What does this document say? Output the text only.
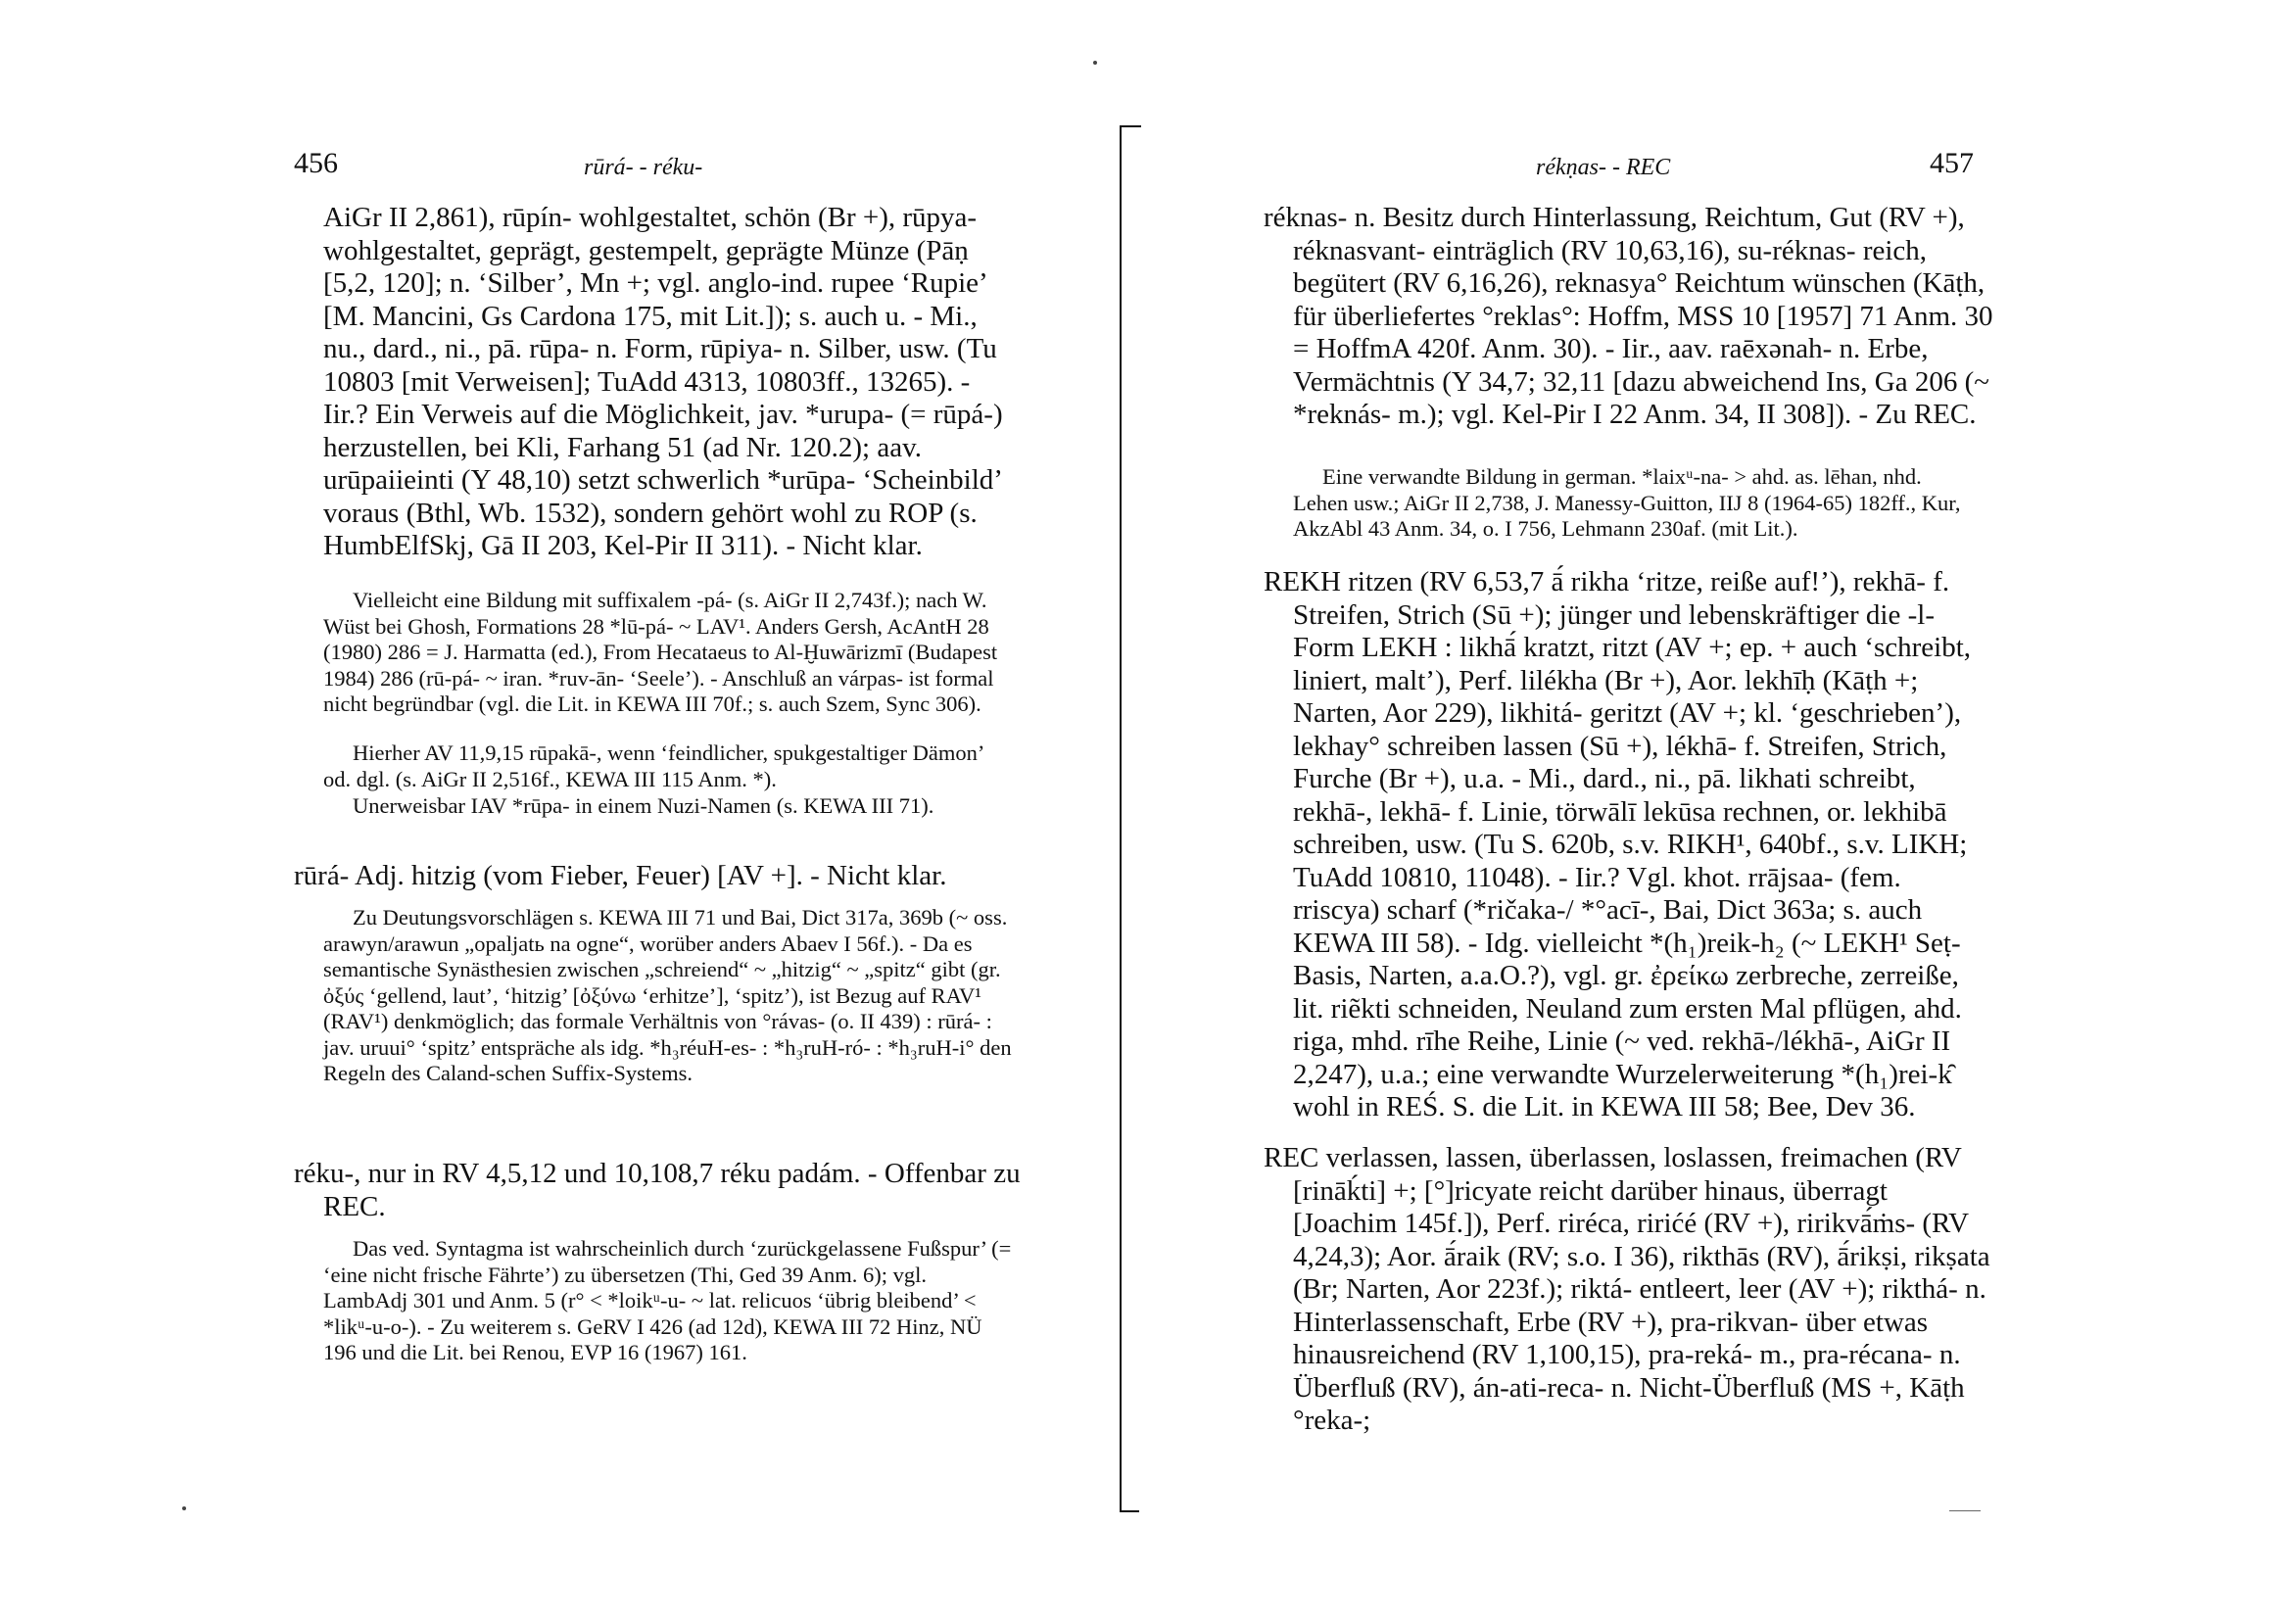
456	rūrá- - réku-
AiGr II 2,861), rūpín- wohlgestaltet, schön (Br +), rūpya- wohlgestaltet, geprägt, gestempelt, geprägte Münze (Pāṇ [5,2, 120]; n. ‘Silber’, Mn +; vgl. anglo-ind. rupee ‘Rupie’ [M. Mancini, Gs Cardona 175, mit Lit.]); s. auch u. - Mi., nu., dard., ni., pā. rūpa- n. Form, rūpiya- n. Silber, usw. (Tu 10803 [mit Verweisen]; TuAdd 4313, 10803ff., 13265). - Iir.? Ein Verweis auf die Möglichkeit, jav. *urupa- (= rūpá-) herzustellen, bei Kli, Farhang 51 (ad Nr. 120.2); aav. urūpaiieinti (Y 48,10) setzt schwerlich *urūpa- ‘Scheinbild’ voraus (Bthl, Wb. 1532), sondern gehört wohl zu ROP (s. HumbElfSkj, Gā II 203, Kel-Pir II 311). - Nicht klar.
Vielleicht eine Bildung mit suffixalem -pá- (s. AiGr II 2,743f.); nach W. Wüst bei Ghosh, Formations 28 *lū-pá- ~ LAV¹. Anders Gersh, AcAntH 28 (1980) 286 = J. Harmatta (ed.), From Hecataeus to Al-Ḫuwārizmī (Budapest 1984) 286 (rū-pá- ~ iran. *ruv-ān- ‘Seele’). - Anschluß an várpas- ist formal nicht begründbar (vgl. die Lit. in KEWA III 70f.; s. auch Szem, Sync 306).
Hierher AV 11,9,15 rūpakā-, wenn ‘feindlicher, spukgestaltiger Dämon’ od. dgl. (s. AiGr II 2,516f., KEWA III 115 Anm. *).
Unerweisbar IAV *rūpa- in einem Nuzi-Namen (s. KEWA III 71).
rūrá- Adj. hitzig (vom Fieber, Feuer) [AV +]. - Nicht klar.
Zu Deutungsvorschlägen s. KEWA III 71 und Bai, Dict 317a, 369b (~ oss. arawyn/arawun „opaljatь na ogne“, worüber anders Abaev I 56f.). - Da es semantische Synästhesien zwischen „schreiend“ ~ „hitzig“ ~ „spitz“ gibt (gr. ὀξύς ‘gellend, laut’, ‘hitzig’ [ὀξύνω ‘erhitze’], ‘spitz’), ist Bezug auf RAV¹ (RAV¹) denkmöglich; das formale Verhältnis von °rávas- (o. II 439) : rūrá- : jav. uruui° ‘spitz’ entspräche als idg. *h₃réuH-es- : *h₃ruH-ró- : *h₃ruH-i° den Regeln des Caland-schen Suffix-Systems.
réku-, nur in RV 4,5,12 und 10,108,7 réku padám. - Offenbar zu REC.
Das ved. Syntagma ist wahrscheinlich durch ‘zurückgelassene Fußspur’ (= ‘eine nicht frische Fährte’) zu übersetzen (Thi, Ged 39 Anm. 6); vgl. LambAdj 301 und Anm. 5 (r° < *loikᵘ-u- ~ lat. relicuos ‘übrig bleibend’ < *likᵘ-u-o-). - Zu weiterem s. GeRV I 426 (ad 12d), KEWA III 72 Hinz, NÜ 196 und die Lit. bei Renou, EVP 16 (1967) 161.
rékṇas- - REC	457
réknas- n. Besitz durch Hinterlassung, Reichtum, Gut (RV +), réknasvant- einträglich (RV 10,63,16), su-réknas- reich, begütert (RV 6,16,26), reknasya° Reichtum wünschen (Kāṭh, für überliefertes °reklas°: Hoffm, MSS 10 [1957] 71 Anm. 30 = HoffmA 420f. Anm. 30). - Iir., aav. raēxənah- n. Erbe, Vermächtnis (Y 34,7; 32,11 [dazu abweichend Ins, Ga 206 (~ *reknás- m.); vgl. Kel-Pir I 22 Anm. 34, II 308]). - Zu REC.
Eine verwandte Bildung in german. *laixᵘ-na- > ahd. as. lēhan, nhd. Lehen usw.; AiGr II 2,738, J. Manessy-Guitton, IIJ 8 (1964-65) 182ff., Kur, AkzAbl 43 Anm. 34, o. I 756, Lehmann 230af. (mit Lit.).
REKH ritzen (RV 6,53,7 ā́ rikha ‘ritze, reiße auf!’), rekhā- f. Streifen, Strich (Sū +); jünger und lebenskräftiger die -l-Form LEKH : likhā́ kratzt, ritzt (AV +; ep. + auch ‘schreibt, liniert, malt’), Perf. lilékha (Br +), Aor. lekhīḥ (Kāṭh +; Narten, Aor 229), likhitá- geritzt (AV +; kl. ‘geschrieben’), lekhay° schreiben lassen (Sū +), lékhā- f. Streifen, Strich, Furche (Br +), u.a. - Mi., dard., ni., pā. likhati schreibt, rekhā-, lekhā- f. Linie, törwālī lekūsa rechnen, or. lekhibā schreiben, usw. (Tu S. 620b, s.v. RIKH¹, 640bf., s.v. LIKH; TuAdd 10810, 11048). - Iir.? Vgl. khot. rrājsaa- (fem. rriscya) scharf (*ričaka-/ *°acī-, Bai, Dict 363a; s. auch KEWA III 58). - Idg. vielleicht *(h₁)reik-h₂ (~ LEKH¹ Seṭ-Basis, Narten, a.a.O.?), vgl. gr. ἐρείκω zerbreche, zerreiße, lit. riẽkti schneiden, Neuland zum ersten Mal pflügen, ahd. riga, mhd. rīhe Reihe, Linie (~ ved. rekhā-/lékhā-, AiGr II 2,247), u.a.; eine verwandte Wurzelerweiterung *(h₁)rei-k̑ wohl in REŚ. S. die Lit. in KEWA III 58; Bee, Dev 36.
REC verlassen, lassen, überlassen, loslassen, freimachen (RV [rināḱti] +; [°]ricyate reicht darüber hinaus, überragt [Joachim 145f.]), Perf. riréca, ririćé (RV +), ririkvā́ṁs- (RV 4,24,3); Aor. ā́raik (RV; s.o. I 36), rikthās (RV), ā́rikṣi, rikṣata (Br; Narten, Aor 223f.); riktá- entleert, leer (AV +); rikthá- n. Hinterlassenschaft, Erbe (RV +), pra-rikvan- über etwas hinausreichend (RV 1,100,15), pra-reká- m., pra-récana- n. Überfluß (RV), án-ati-reca- n. Nicht-Überfluß (MS +, Kāṭh °reka-;
